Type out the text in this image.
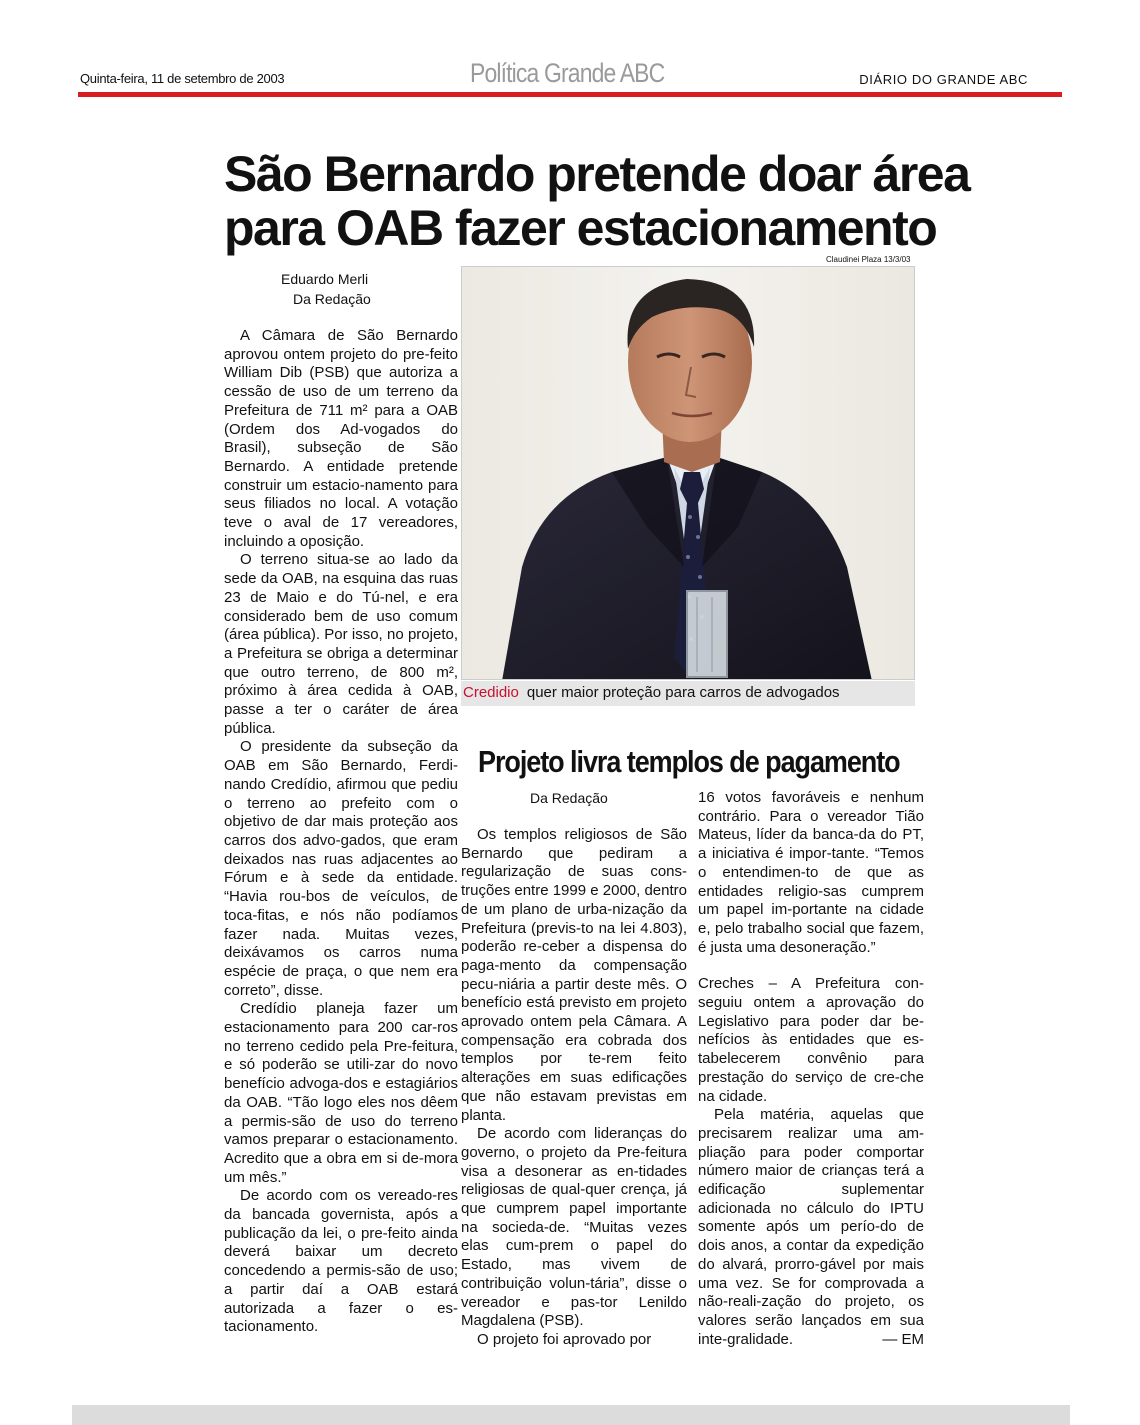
Quinta-feira, 11 de setembro de 2003	Política Grande ABC	DIÁRIO DO GRANDE ABC
São Bernardo pretende doar área
para OAB fazer estacionamento
Eduardo Merli
Da Redação
Claudinei Plaza 13/3/03
Credidio quer maior proteção para carros de advogados

A Câmara de São Bernardo aprovou ontem projeto do pre-feito William Dib (PSB) que autoriza a cessão de uso de um terreno da Prefeitura de 711 m² para a OAB (Ordem dos Ad-vogados do Brasil), subseção de São Bernardo. A entidade pretende construir um estacio-namento para seus filiados no local. A votação teve o aval de 17 vereadores, incluindo a oposição.

O terreno situa-se ao lado da sede da OAB, na esquina das ruas 23 de Maio e do Tú-nel, e era considerado bem de uso comum (área pública). Por isso, no projeto, a Prefeitura se obriga a determinar que outro terreno, de 800 m², próximo à área cedida à OAB, passe a ter o caráter de área pública.

O presidente da subseção da OAB em São Bernardo, Ferdi-nando Credídio, afirmou que pediu o terreno ao prefeito com o objetivo de dar mais proteção aos carros dos advo-gados, que eram deixados nas ruas adjacentes ao Fórum e à sede da entidade. “Havia rou-bos de veículos, de toca-fitas, e nós não podíamos fazer nada. Muitas vezes, deixávamos os carros numa espécie de praça, o que nem era correto”, disse.

Credídio planeja fazer um estacionamento para 200 car-ros no terreno cedido pela Pre-feitura, e só poderão se utili-zar do novo benefício advoga-dos e estagiários da OAB. “Tão logo eles nos dêem a permis-são de uso do terreno vamos preparar o estacionamento. Acredito que a obra em si de-mora um mês.”

De acordo com os vereado-res da bancada governista, após a publicação da lei, o pre-feito ainda deverá baixar um decreto concedendo a permis-são de uso; a partir daí a OAB estará autorizada a fazer o es-tacionamento.

Projeto livra templos de pagamento
Da Redação

Os templos religiosos de São Bernardo que pediram a regularização de suas cons-truções entre 1999 e 2000, dentro de um plano de urba-nização da Prefeitura (previs-to na lei 4.803), poderão re-ceber a dispensa do paga-mento da compensação pecu-niária a partir deste mês. O benefício está previsto em projeto aprovado ontem pela Câmara. A compensação era cobrada dos templos por te-rem feito alterações em suas edificações que não estavam previstas em planta.

De acordo com lideranças do governo, o projeto da Pre-feitura visa a desonerar as en-tidades religiosas de qual-quer crença, já que cumprem papel importante na socieda-de. “Muitas vezes elas cum-prem o papel do Estado, mas vivem de contribuição volun-tária”, disse o vereador e pas-tor Lenildo Magdalena (PSB).

O projeto foi aprovado por

16 votos favoráveis e nenhum contrário. Para o vereador Tião Mateus, líder da banca-da do PT, a iniciativa é impor-tante. “Temos o entendimen-to de que as entidades religio-sas cumprem um papel im-portante na cidade e, pelo trabalho social que fazem, é justa uma desoneração.”

Creches – A Prefeitura con-seguiu ontem a aprovação do Legislativo para poder dar be-nefícios às entidades que es-tabelecerem convênio para prestação do serviço de cre-che na cidade.

Pela matéria, aquelas que precisarem realizar uma am-pliação para poder comportar número maior de crianças terá a edificação suplementar adicionada no cálculo do IPTU somente após um perío-do de dois anos, a contar da expedição do alvará, prorro-gável por mais uma vez. Se for comprovada a não-reali-zação do projeto, os valores serão lançados em sua inte-gralidade.	— EM
